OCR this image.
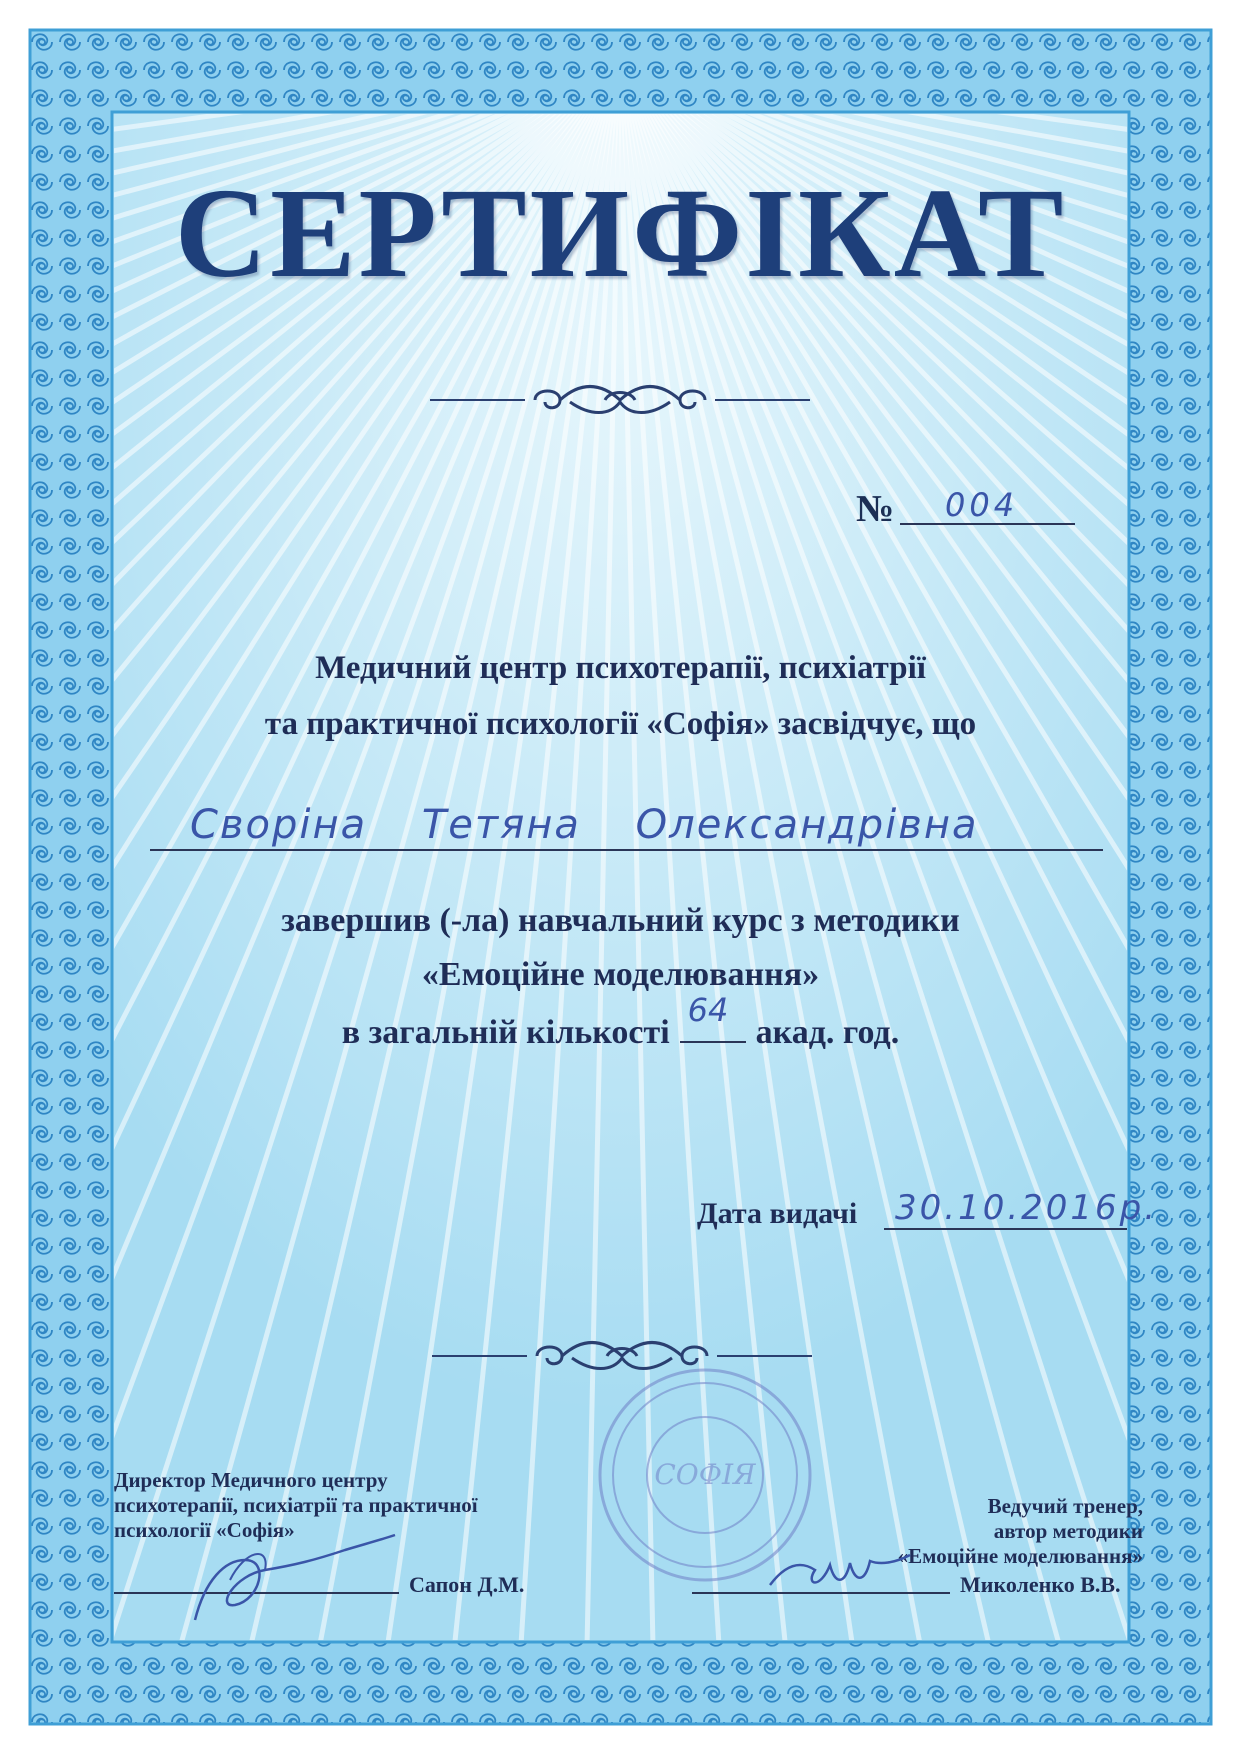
СЕРТИФІКАТ
№ 004
Медичний центр психотерапії, психіатрії
та практичної психології «Софія» засвідчує, що
Своріна Тетяна Олександрівна
завершив (-ла) навчальний курс з методики
«Емоційне моделювання»
в загальній кількості
64
акад. год.
Дата видачі 30.10.2016р.
СОФІЯ
Директор Медичного центру
психотерапії, психіатрії та практичної
психології «Софія»
Сапон Д.М.
Ведучий тренер,
автор методики
«Емоційне моделювання»
Миколенко В.В.
